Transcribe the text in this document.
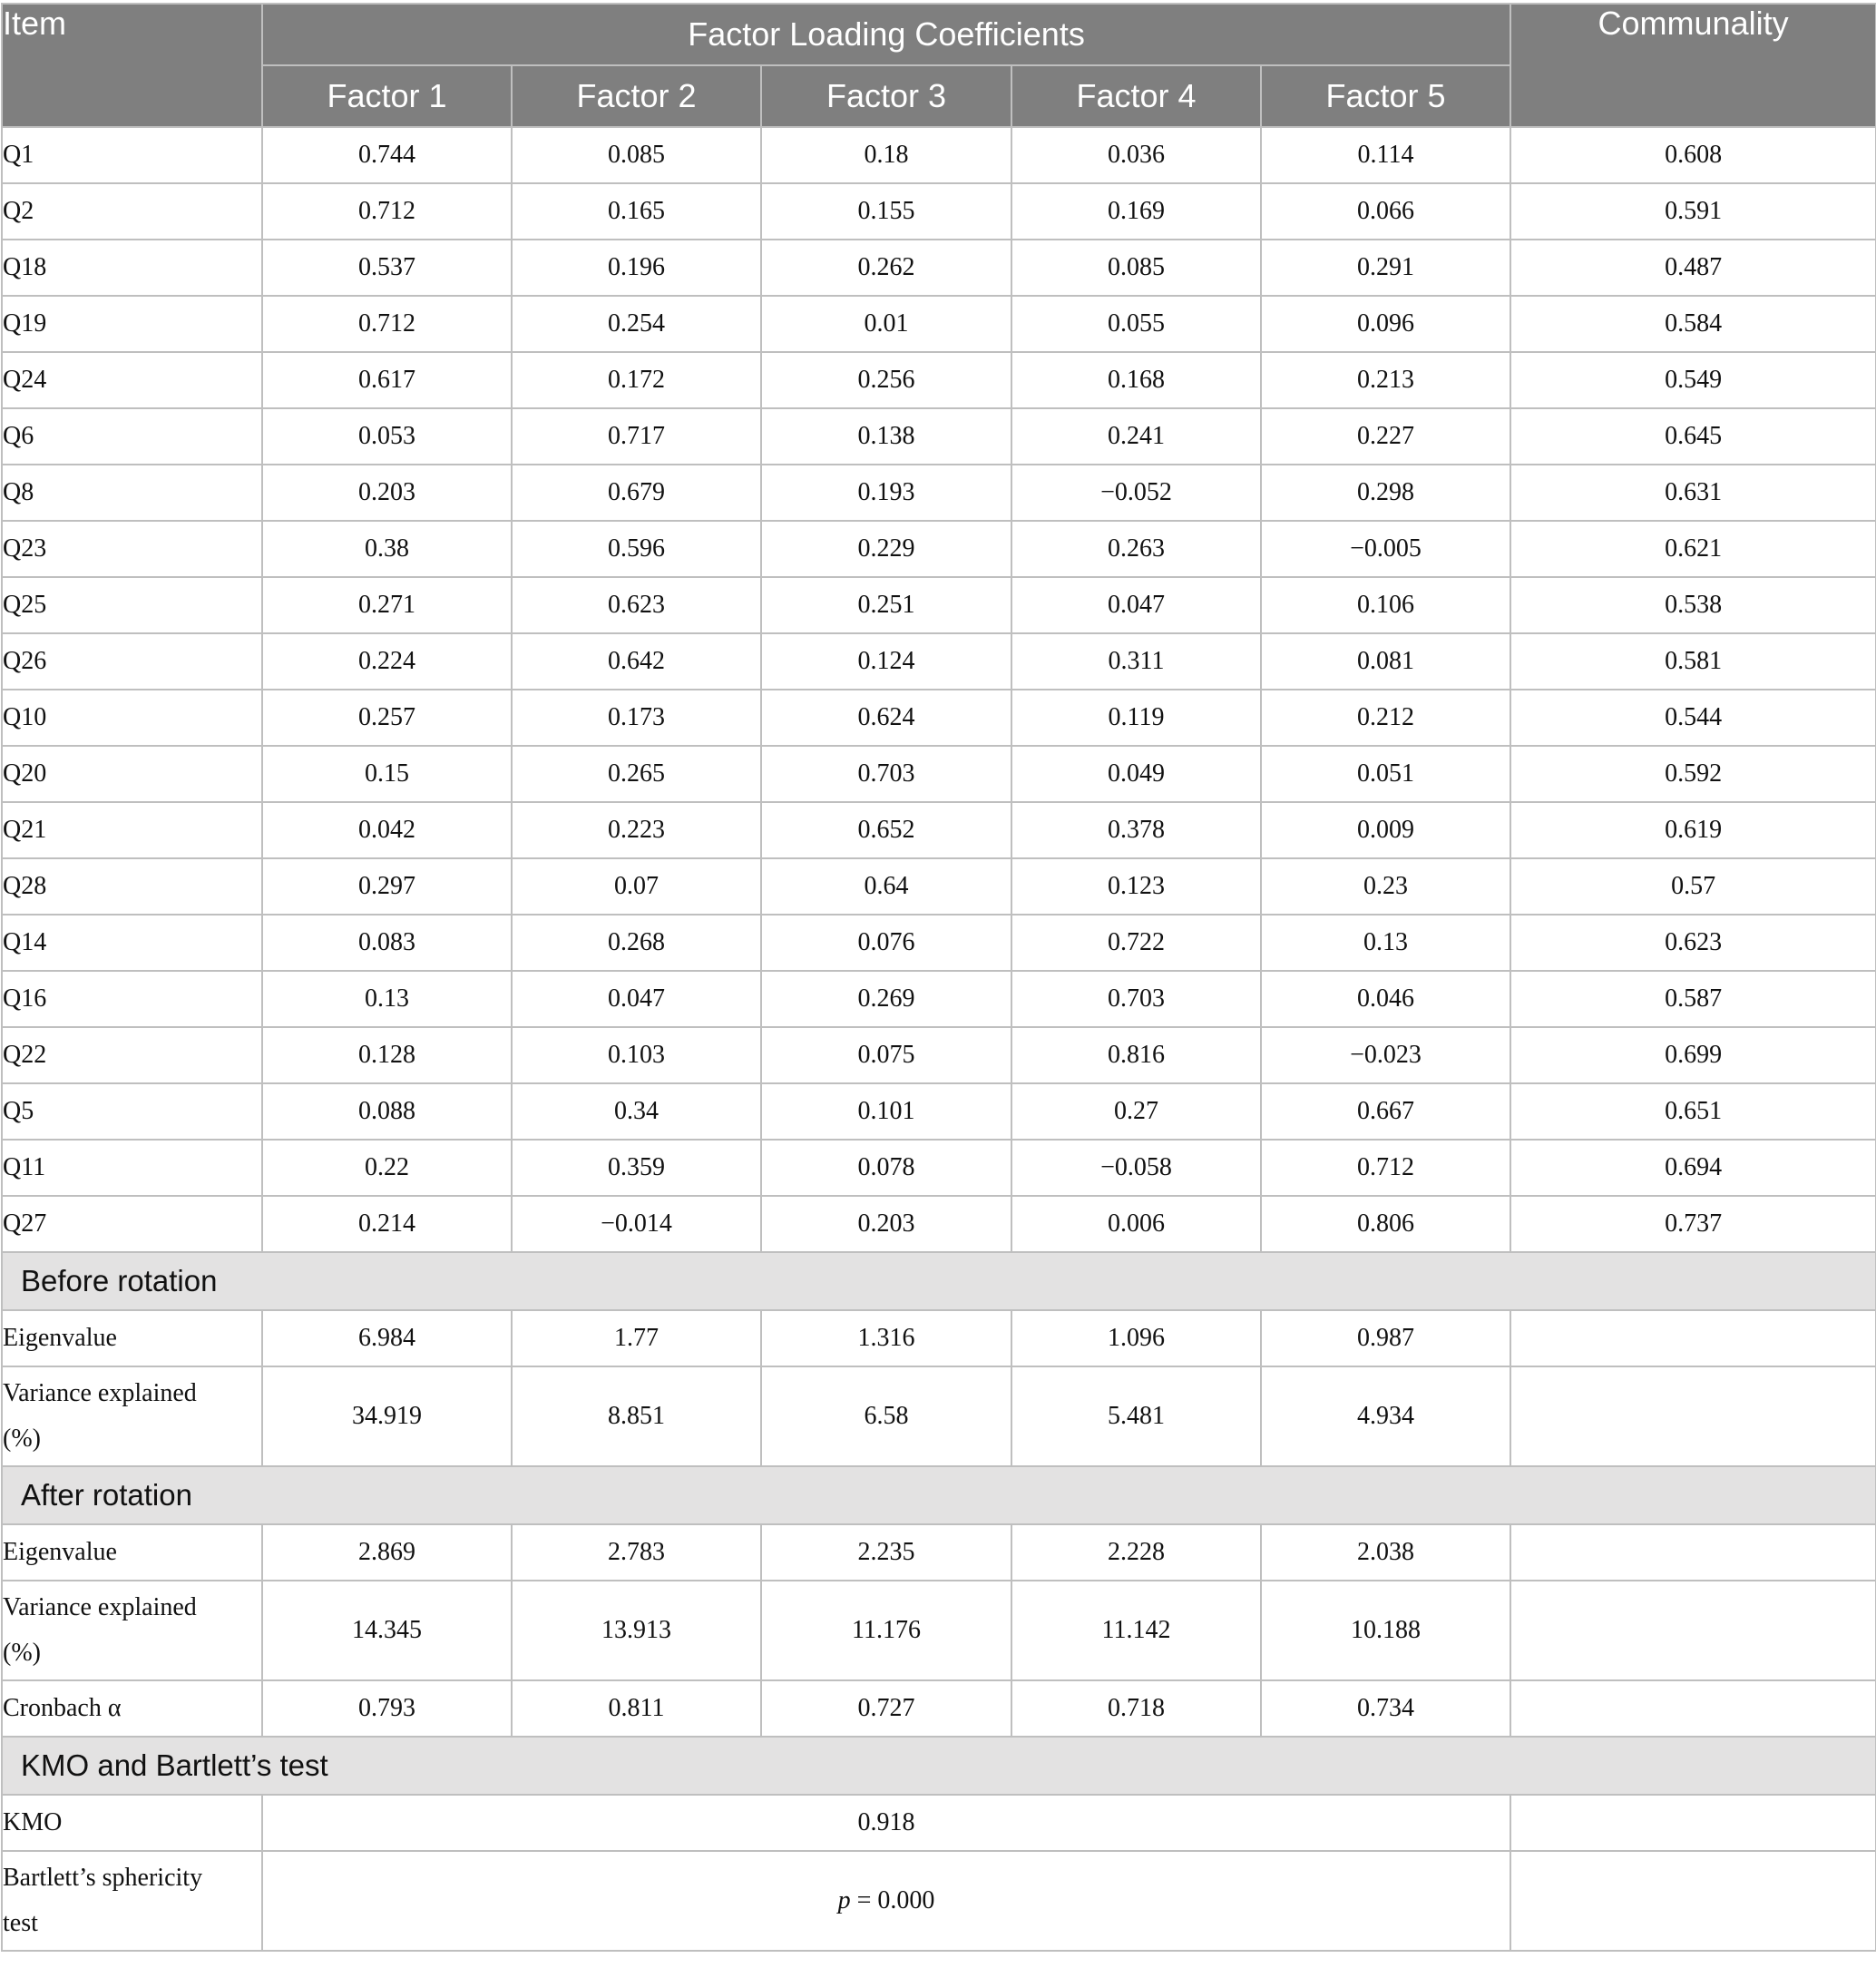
Item	Factor Loading Coefficients					Communality
	Factor 1	Factor 2	Factor 3	Factor 4	Factor 5	
Q1	0.744	0.085	0.18	0.036	0.114	0.608
Q2	0.712	0.165	0.155	0.169	0.066	0.591
Q18	0.537	0.196	0.262	0.085	0.291	0.487
Q19	0.712	0.254	0.01	0.055	0.096	0.584
Q24	0.617	0.172	0.256	0.168	0.213	0.549
Q6	0.053	0.717	0.138	0.241	0.227	0.645
Q8	0.203	0.679	0.193	−0.052	0.298	0.631
Q23	0.38	0.596	0.229	0.263	−0.005	0.621
Q25	0.271	0.623	0.251	0.047	0.106	0.538
Q26	0.224	0.642	0.124	0.311	0.081	0.581
Q10	0.257	0.173	0.624	0.119	0.212	0.544
Q20	0.15	0.265	0.703	0.049	0.051	0.592
Q21	0.042	0.223	0.652	0.378	0.009	0.619
Q28	0.297	0.07	0.64	0.123	0.23	0.57
Q14	0.083	0.268	0.076	0.722	0.13	0.623
Q16	0.13	0.047	0.269	0.703	0.046	0.587
Q22	0.128	0.103	0.075	0.816	−0.023	0.699
Q5	0.088	0.34	0.101	0.27	0.667	0.651
Q11	0.22	0.359	0.078	−0.058	0.712	0.694
Q27	0.214	−0.014	0.203	0.006	0.806	0.737
Before rotation						
Eigenvalue	6.984	1.77	1.316	1.096	0.987	
Variance explained
(%)	34.919	8.851	6.58	5.481	4.934	
After rotation						
Eigenvalue	2.869	2.783	2.235	2.228	2.038	
Variance explained
(%)	14.345	13.913	11.176	11.142	10.188	
Cronbach α	0.793	0.811	0.727	0.718	0.734	
KMO and Bartlett’s test						
KMO	0.918					
Bartlett’s sphericity
test	p = 0.000					
